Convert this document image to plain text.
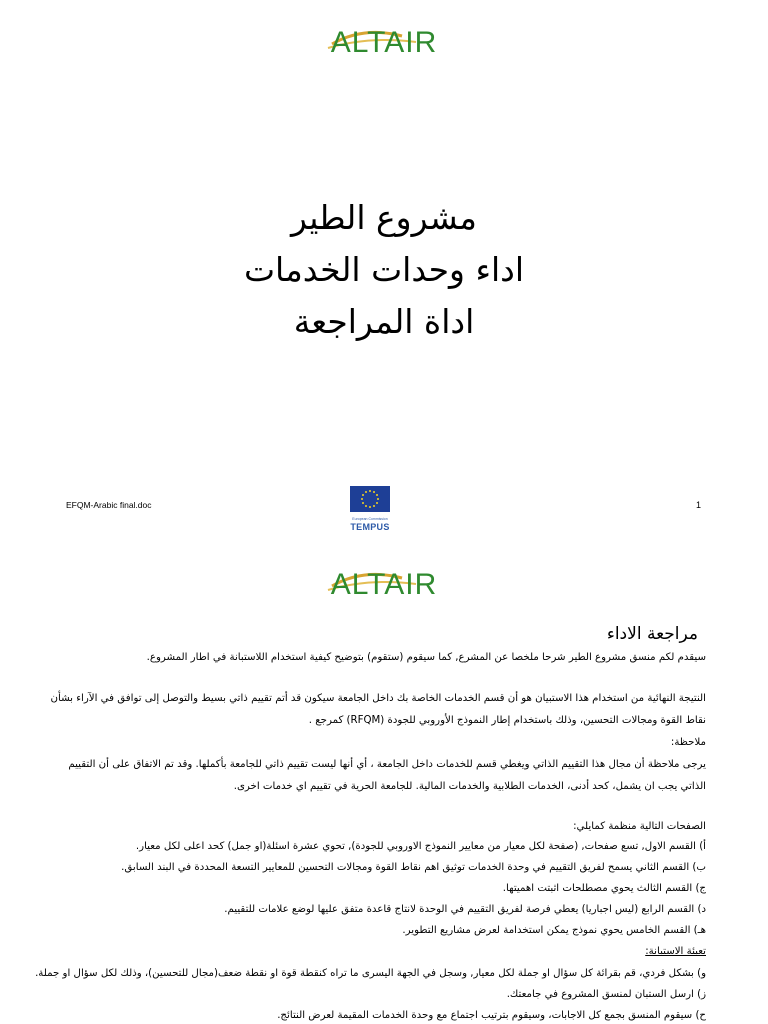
ALTAIR
مشروع الطير
اداء وحدات الخدمات
اداة المراجعة
EFQM-Arabic final.doc
European Commission
TEMPUS
1
ALTAIR
مراجعة الاداء
سيقدم لكم منسق مشروع الطير شرحا ملخصا عن المشرع, كما سيقوم (ستقوم) بتوضيح كيفية استخدام اللاستبانة في اطار المشروع.
النتيجة النهائية من استخدام هذا الاستبيان هو أن قسم الخدمات الخاصة بك داخل الجامعة سيكون قد أتم تقييم ذاتي بسيط والتوصل إلى توافق في الآراء بشأن
نقاط القوة ومجالات التحسين، وذلك باستخدام إطار النموذج الأوروبي للجودة (RFQM) كمرجع .
ملاحظة:
يرجى ملاحظة أن مجال هذا التقييم الذاتي ويغطي قسم للخدمات داخل الجامعة ، أي أنها ليست تقييم ذاتي للجامعة بأكملها. وقد تم الاتفاق على أن التقييم
الذاتي يجب ان يشمل، كحد أدنى، الخدمات الطلابية والخدمات المالية. للجامعة الحرية في تقييم اي خدمات اخرى.
الصفحات التالية منظمة كمايلي:
أ) القسم الاول, تسع صفحات, (صفحة لكل معيار من معايير النموذج الاوروبي للجودة), تحوي عشرة اسئلة(او جمل) كحد اعلى لكل معيار.
ب) القسم الثاني يسمح لفريق التقييم في وحدة الخدمات توثيق اهم نقاط القوة ومجالات التحسين للمعايير التسعة المحددة في البند السابق.
ج) القسم الثالث يحوي مصطلحات اثبتت اهميتها.
د) القسم الرابع (ليس اجباريا) يعطي فرصة لفريق التقييم في الوحدة لانتاج قاعدة متفق عليها لوضع علامات للتقييم.
هـ) القسم الخامس يحوي نموذج يمكن استخدامة لعرض مشاريع التطوير.
تعبئة الاستبانة:
و) بشكل فردي، قم بقرائة كل سؤال او جملة لكل معيار, وسجل في الجهة اليسرى ما تراه كنقطة قوة او نقطة ضعف(مجال للتحسين)، وذلك لكل سؤال او جملة.
ز) ارسل الستبان لمنسق المشروع في جامعتك.
ح) سيقوم المنسق بجمع كل الاجابات، وسيقوم بترتيب اجتماع مع وحدة الخدمات المقيمة لعرض النتائج.
